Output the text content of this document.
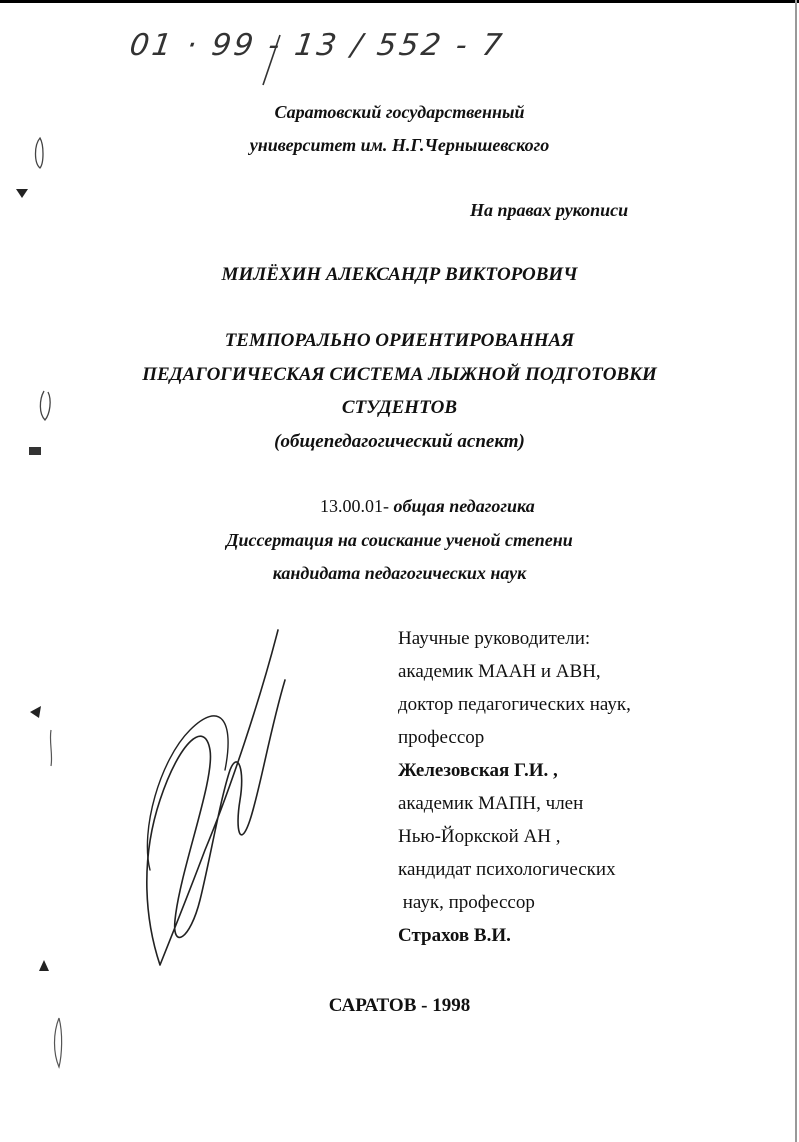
01 · 99 - 13 / 552 - 7
Саратовский государственный
университет им. Н.Г.Чернышевского
На правах рукописи
МИЛЁХИН АЛЕКСАНДР ВИКТОРОВИЧ
ТЕМПОРАЛЬНО ОРИЕНТИРОВАННАЯ
ПЕДАГОГИЧЕСКАЯ СИСТЕМА ЛЫЖНОЙ ПОДГОТОВКИ
СТУДЕНТОВ
(общепедагогический аспект)
13.00.01- общая педагогика
Диссертация на соискание ученой степени
кандидата педагогических наук
Научные руководители:
академик МААН и АВН,
доктор педагогических наук,
профессор
Железовская Г.И. ,
академик МАПН, член
Нью-Йоркской АН ,
кандидат психологических
наук, профессор
Страхов В.И.
САРАТОВ - 1998
